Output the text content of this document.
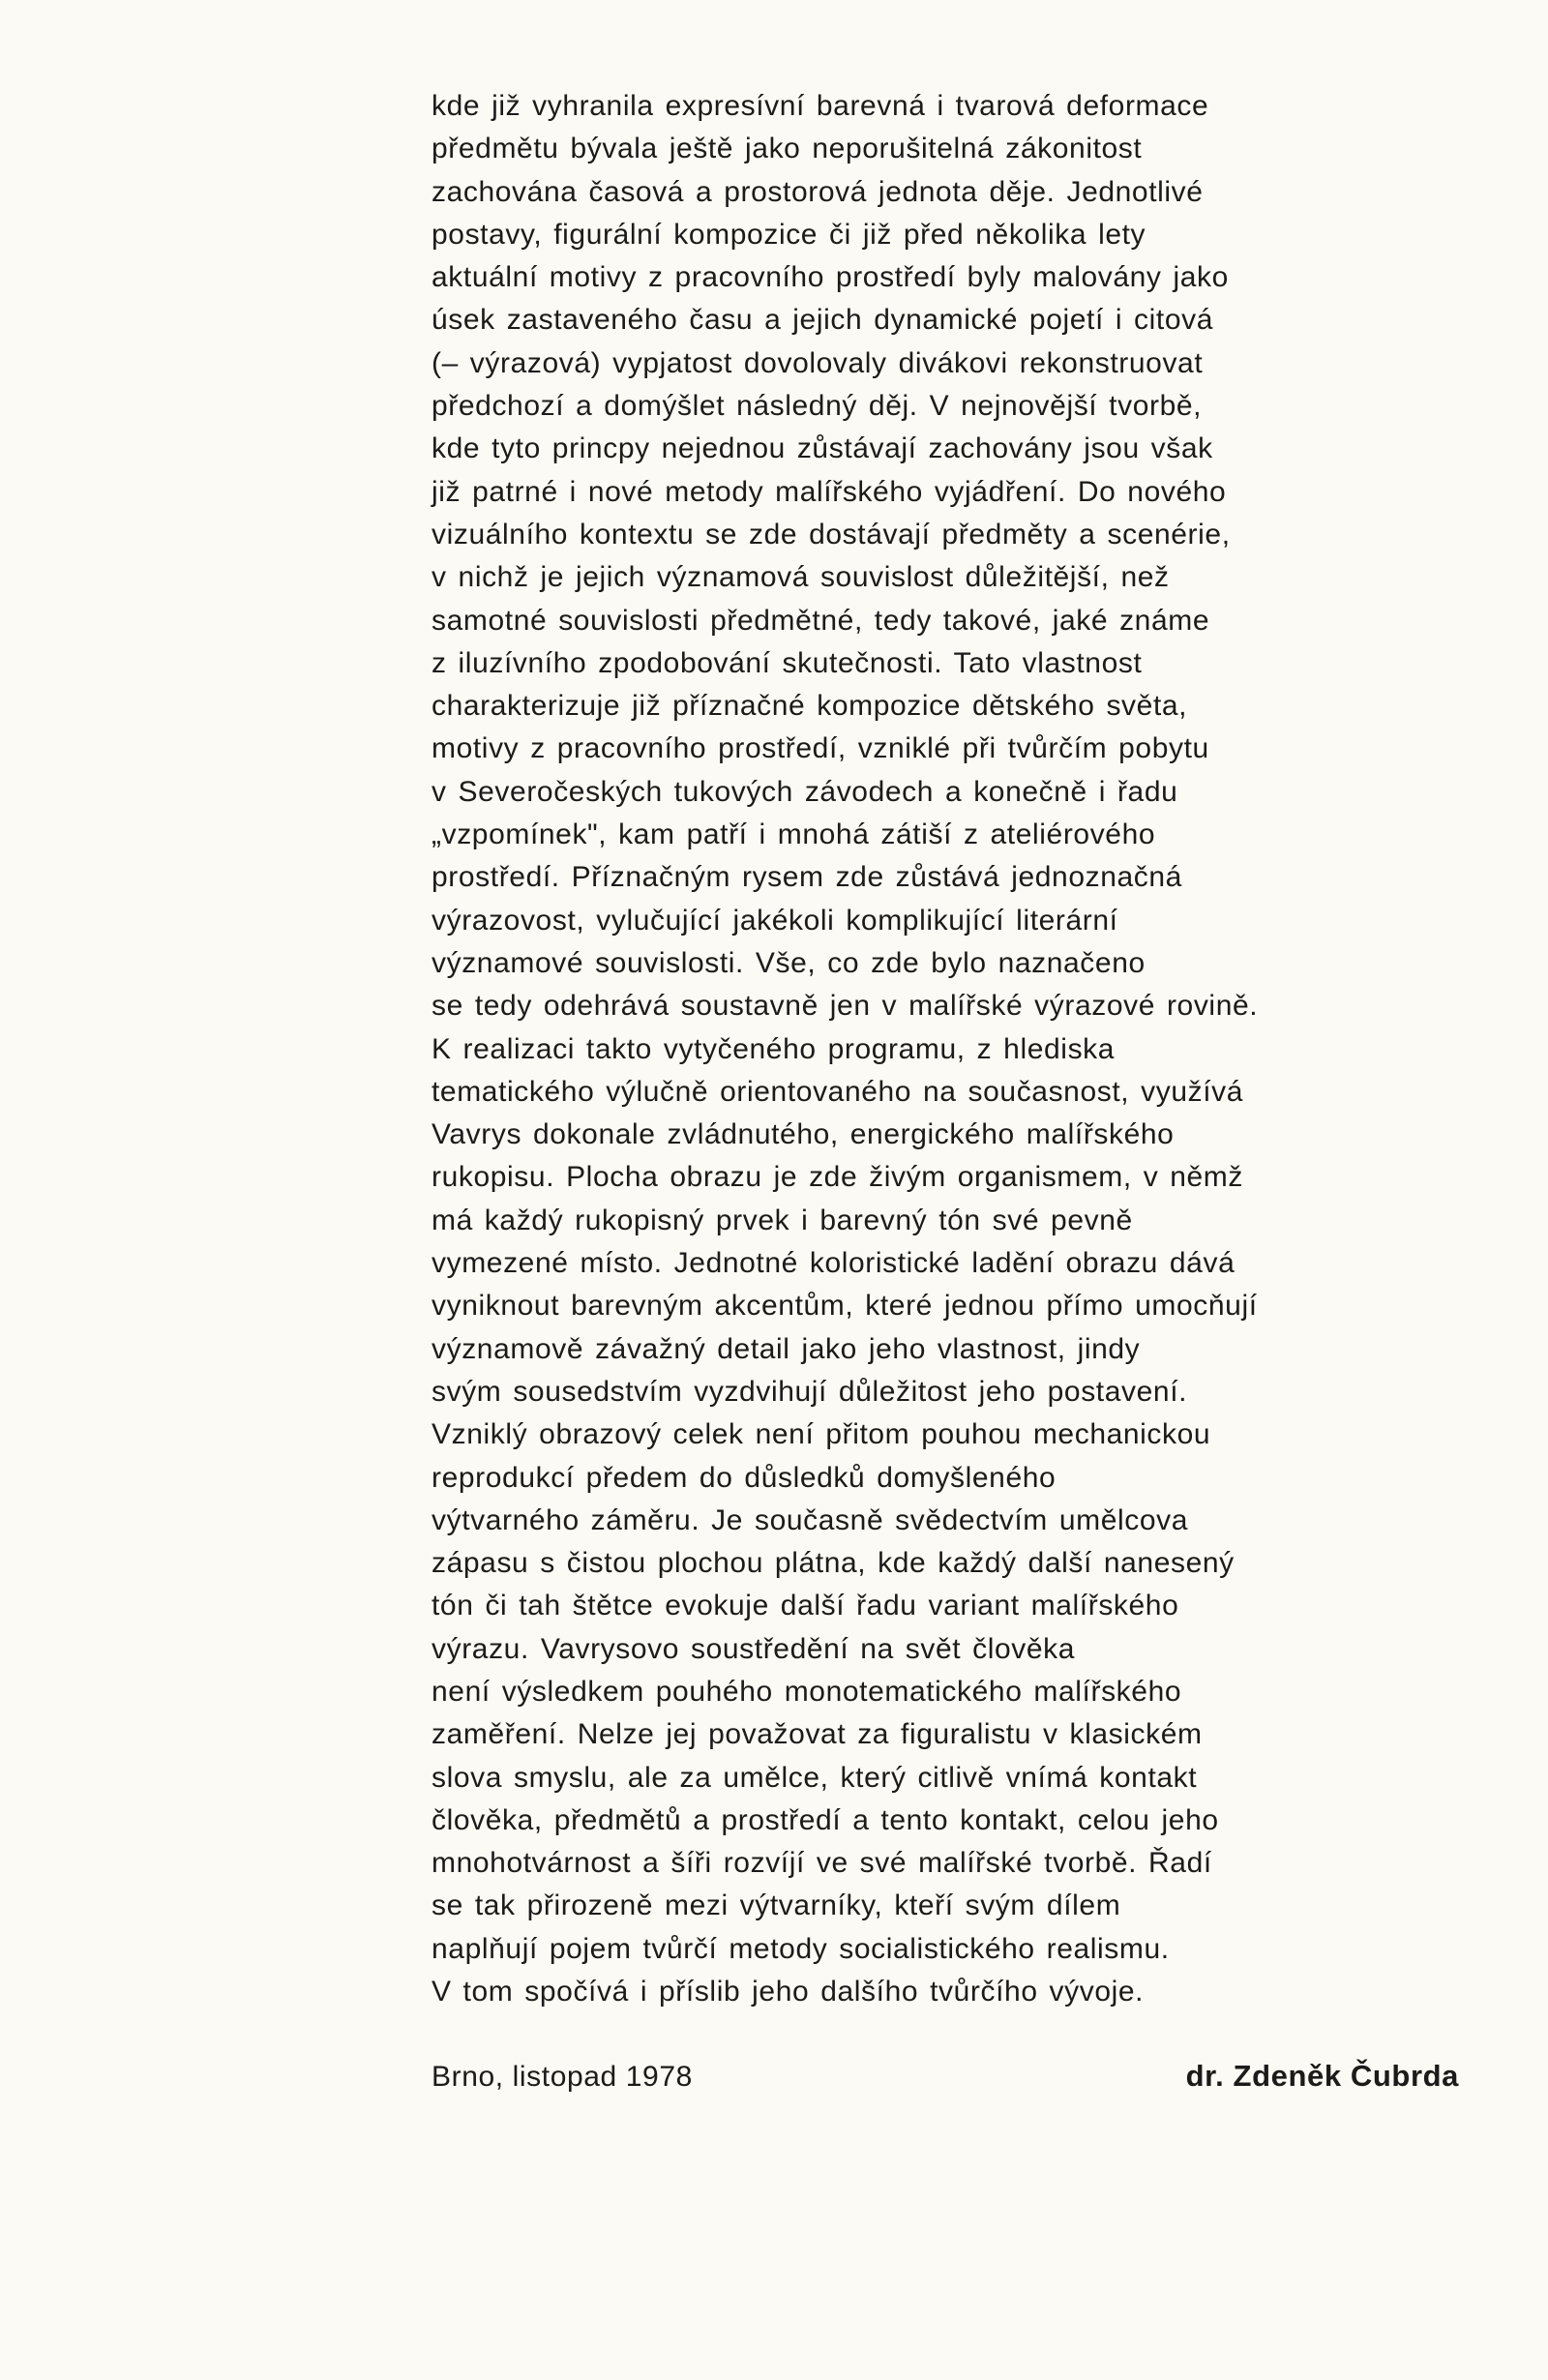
kde již vyhranila expresívní barevná i tvarová deformace
předmětu bývala ještě jako neporušitelná zákonitost
zachována časová a prostorová jednota děje. Jednotlivé
postavy, figurální kompozice či již před několika lety
aktuální motivy z pracovního prostředí byly malovány jako
úsek zastaveného času a jejich dynamické pojetí i citová
(– výrazová) vypjatost dovolovaly divákovi rekonstruovat
předchozí a domýšlet následný děj. V nejnovější tvorbě,
kde tyto princpy nejednou zůstávají zachovány jsou však
již patrné i nové metody malířského vyjádření. Do nového
vizuálního kontextu se zde dostávají předměty a scenérie,
v nichž je jejich významová souvislost důležitější, než
samotné souvislosti předmětné, tedy takové, jaké známe
z iluzívního zpodobování skutečnosti. Tato vlastnost
charakterizuje již příznačné kompozice dětského světa,
motivy z pracovního prostředí, vzniklé při tvůrčím pobytu
v Severočeských tukových závodech a konečně i řadu
„vzpomínek", kam patří i mnohá zátiší z ateliérového
prostředí. Příznačným rysem zde zůstává jednoznačná
výrazovost, vylučující jakékoli komplikující literární
významové souvislosti. Vše, co zde bylo naznačeno
se tedy odehrává soustavně jen v malířské výrazové rovině.
K realizaci takto vytyčeného programu, z hlediska
tematického výlučně orientovaného na současnost, využívá
Vavrys dokonale zvládnutého, energického malířského
rukopisu. Plocha obrazu je zde živým organismem, v němž
má každý rukopisný prvek i barevný tón své pevně
vymezené místo. Jednotné koloristické ladění obrazu dává
vyniknout barevným akcentům, které jednou přímo umocňují
významově závažný detail jako jeho vlastnost, jindy
svým sousedstvím vyzdvihují důležitost jeho postavení.
Vzniklý obrazový celek není přitom pouhou mechanickou
reprodukcí předem do důsledků domyšleného
výtvarného záměru. Je současně svědectvím umělcova
zápasu s čistou plochou plátna, kde každý další nanesený
tón či tah štětce evokuje další řadu variant malířského
výrazu. Vavrysovo soustředění na svět člověka
není výsledkem pouhého monotematického malířského
zaměření. Nelze jej považovat za figuralistu v klasickém
slova smyslu, ale za umělce, který citlivě vnímá kontakt
člověka, předmětů a prostředí a tento kontakt, celou jeho
mnohotvárnost a šíři rozvíjí ve své malířské tvorbě. Řadí
se tak přirozeně mezi výtvarníky, kteří svým dílem
naplňují pojem tvůrčí metody socialistického realismu.
V tom spočívá i příslib jeho dalšího tvůrčího vývoje.
Brno, listopad 1978	dr. Zdeněk Čubrda
